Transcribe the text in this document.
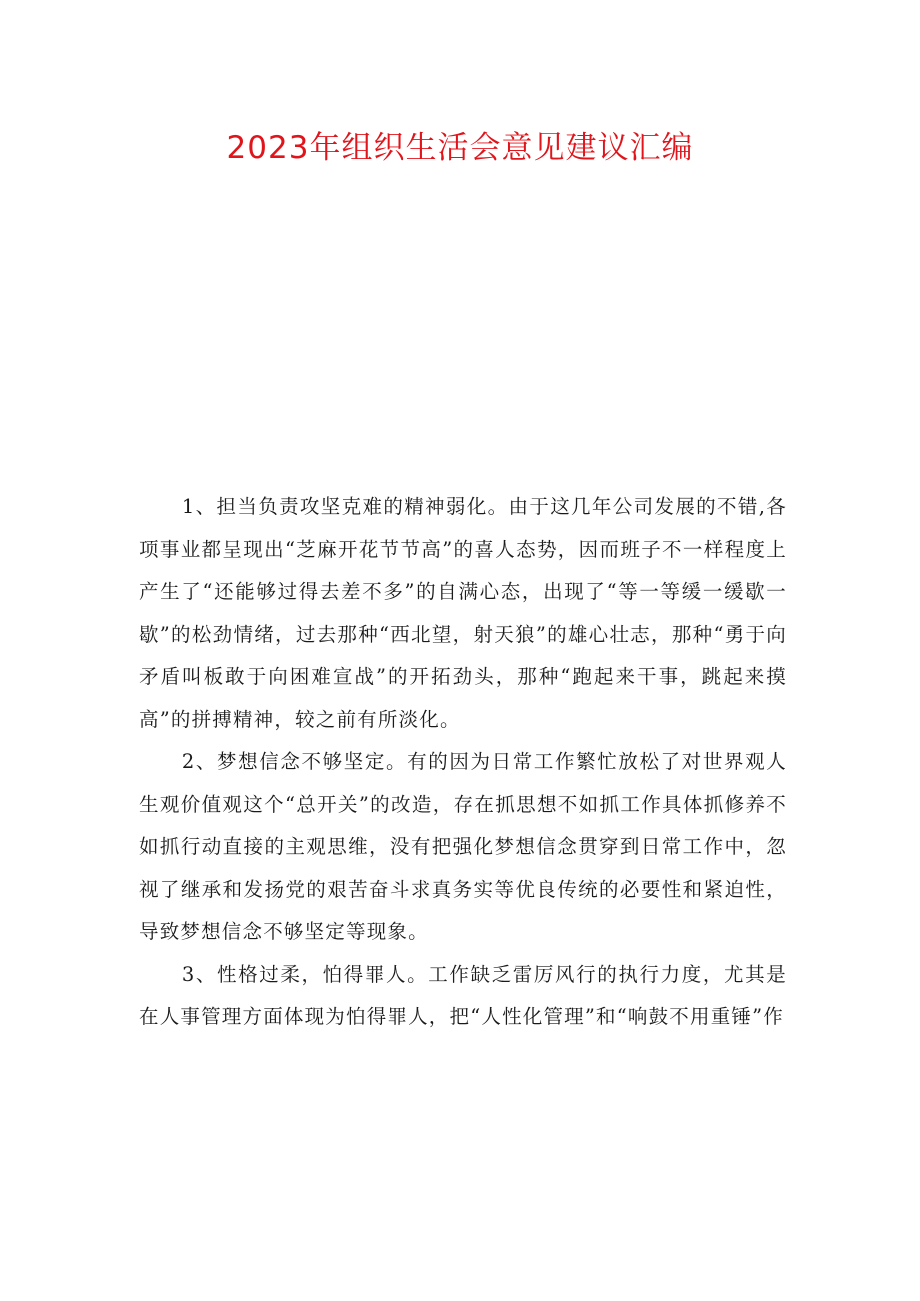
2023年组织生活会意见建议汇编

1、担当负责攻坚克难的精神弱化。由于这几年公司发展的不错,各项事业都呈现出“芝麻开花节节高”的喜人态势，因而班子不一样程度上产生了“还能够过得去差不多”的自满心态，出现了“等一等缓一缓歇一歇”的松劲情绪，过去那种“西北望，射天狼”的雄心壮志，那种“勇于向矛盾叫板敢于向困难宣战”的开拓劲头，那种“跑起来干事，跳起来摸高”的拼搏精神，较之前有所淡化。

2、梦想信念不够坚定。有的因为日常工作繁忙放松了对世界观人生观价值观这个“总开关”的改造，存在抓思想不如抓工作具体抓修养不如抓行动直接的主观思维，没有把强化梦想信念贯穿到日常工作中，忽视了继承和发扬党的艰苦奋斗求真务实等优良传统的必要性和紧迫性，导致梦想信念不够坚定等现象。

3、性格过柔，怕得罪人。工作缺乏雷厉风行的执行力度，尤其是在人事管理方面体现为怕得罪人，把“人性化管理”和“响鼓不用重锤”作
